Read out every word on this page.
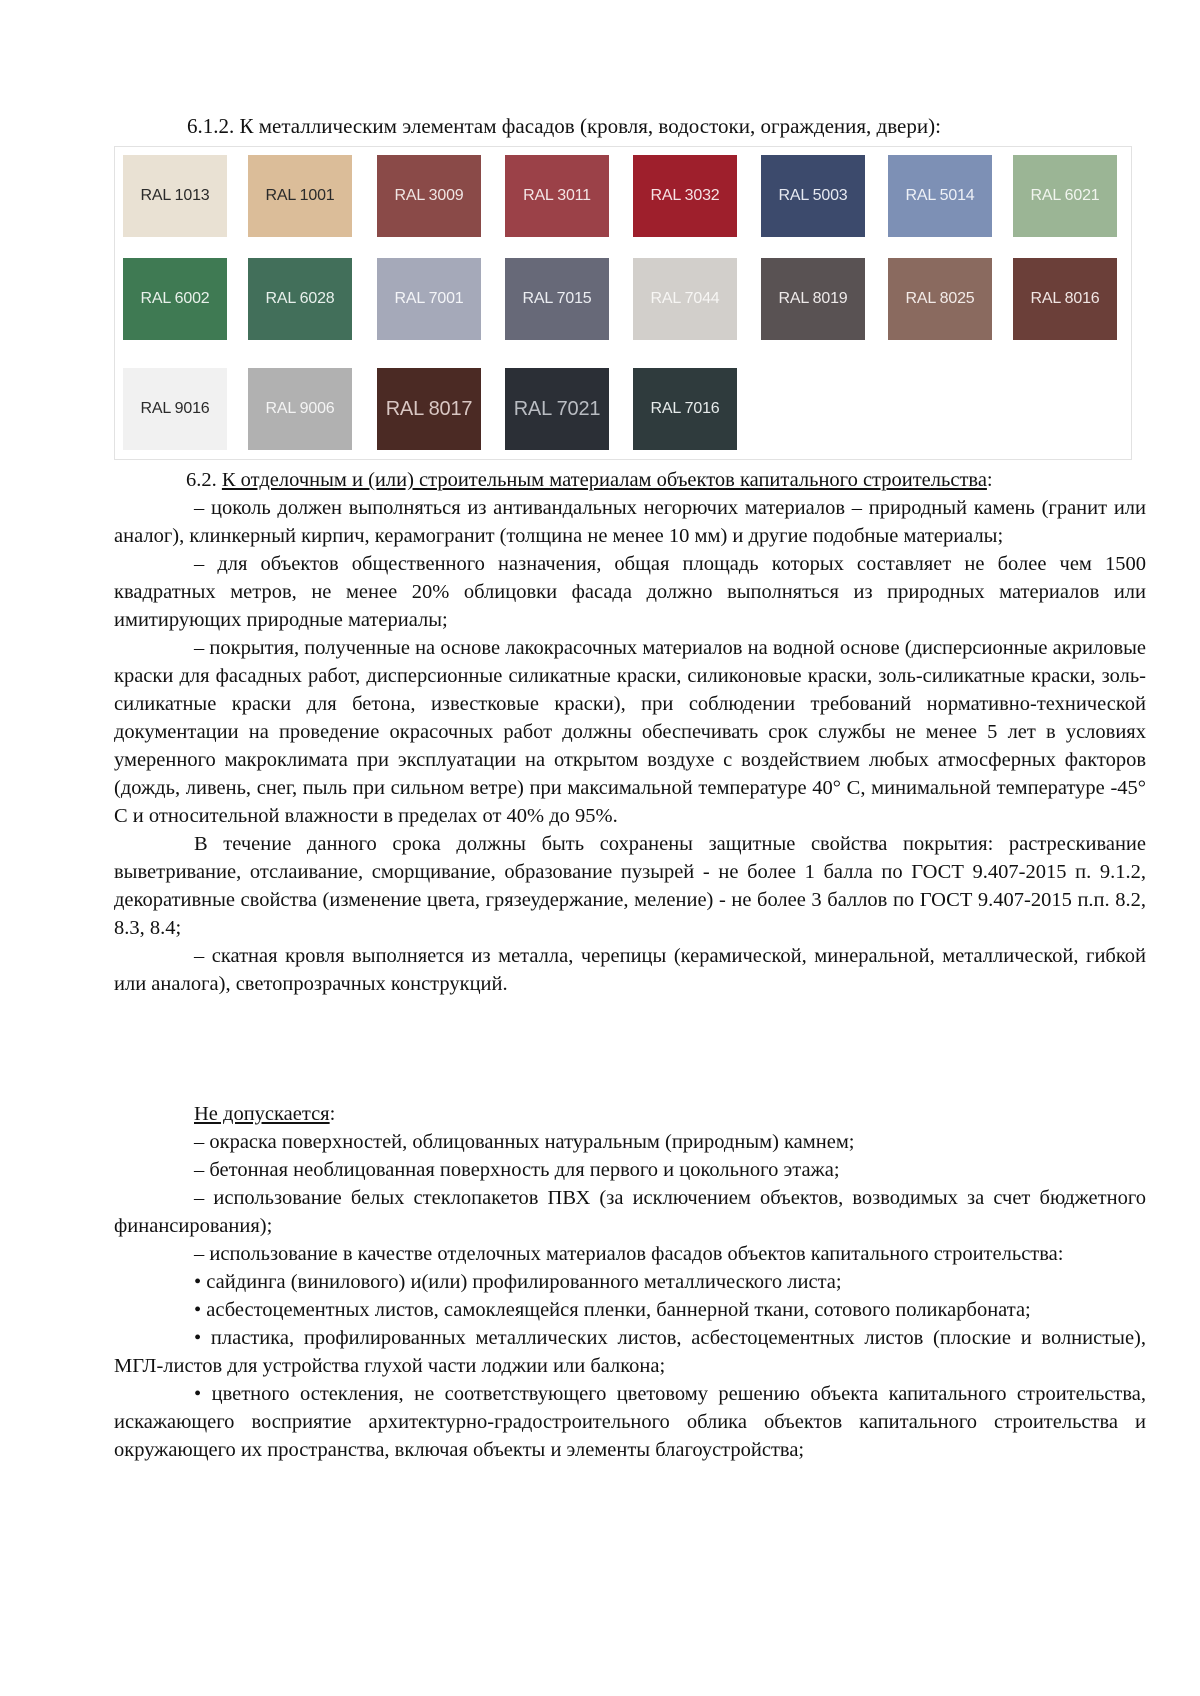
6.1.2. К металлическим элементам фасадов (кровля, водостоки, ограждения, двери):
RAL 1013	RAL 1001	RAL 3009	RAL 3011	RAL 3032	RAL 5003	RAL 5014	RAL 6021
RAL 6002	RAL 6028	RAL 7001	RAL 7015	RAL 7044	RAL 8019	RAL 8025	RAL 8016
RAL 9016	RAL 9006	RAL 8017	RAL 7021	RAL 7016

6.2. К отделочным и (или) строительным материалам объектов капитального строительства:

– цоколь должен выполняться из антивандальных негорючих материалов – природный камень (гранит или аналог), клинкерный кирпич, керамогранит (толщина не менее 10 мм) и другие подобные материалы;

– для объектов общественного назначения, общая площадь которых составляет не более чем 1500 квадратных метров, не менее 20% облицовки фасада должно выполняться из природных материалов или имитирующих природные материалы;

– покрытия, полученные на основе лакокрасочных материалов на водной основе (дисперсионные акриловые краски для фасадных работ, дисперсионные силикатные краски, силиконовые краски, золь-силикатные краски, золь-силикатные краски для бетона, известковые краски), при соблюдении требований нормативно-технической документации на проведение окрасочных работ должны обеспечивать срок службы не менее 5 лет в условиях умеренного макроклимата при эксплуатации на открытом воздухе с воздействием любых атмосферных факторов (дождь, ливень, снег, пыль при сильном ветре) при максимальной температуре 40° С, минимальной температуре -45° С и относительной влажности в пределах от 40% до 95%.

В течение данного срока должны быть сохранены защитные свойства покрытия: растрескивание выветривание, отслаивание, сморщивание, образование пузырей - не более 1 балла по ГОСТ 9.407-2015 п. 9.1.2, декоративные свойства (изменение цвета, грязеудержание, меление) - не более 3 баллов по ГОСТ 9.407-2015 п.п. 8.2, 8.3, 8.4;

– скатная кровля выполняется из металла, черепицы (керамической, минеральной, металлической, гибкой или аналога), светопрозрачных конструкций.

Не допускается:

– окраска поверхностей, облицованных натуральным (природным) камнем;

– бетонная необлицованная поверхность для первого и цокольного этажа;

– использование белых стеклопакетов ПВХ (за исключением объектов, возводимых за счет бюджетного финансирования);

– использование в качестве отделочных материалов фасадов объектов капитального строительства:

• сайдинга (винилового) и(или) профилированного металлического листа;

• асбестоцементных листов, самоклеящейся пленки, баннерной ткани, сотового поликарбоната;

• пластика, профилированных металлических листов, асбестоцементных листов (плоские и волнистые), МГЛ-листов для устройства глухой части лоджии или балкона;

• цветного остекления, не соответствующего цветовому решению объекта капитального строительства, искажающего восприятие архитектурно-градостроительного облика объектов капитального строительства и окружающего их пространства, включая объекты и элементы благоустройства;
